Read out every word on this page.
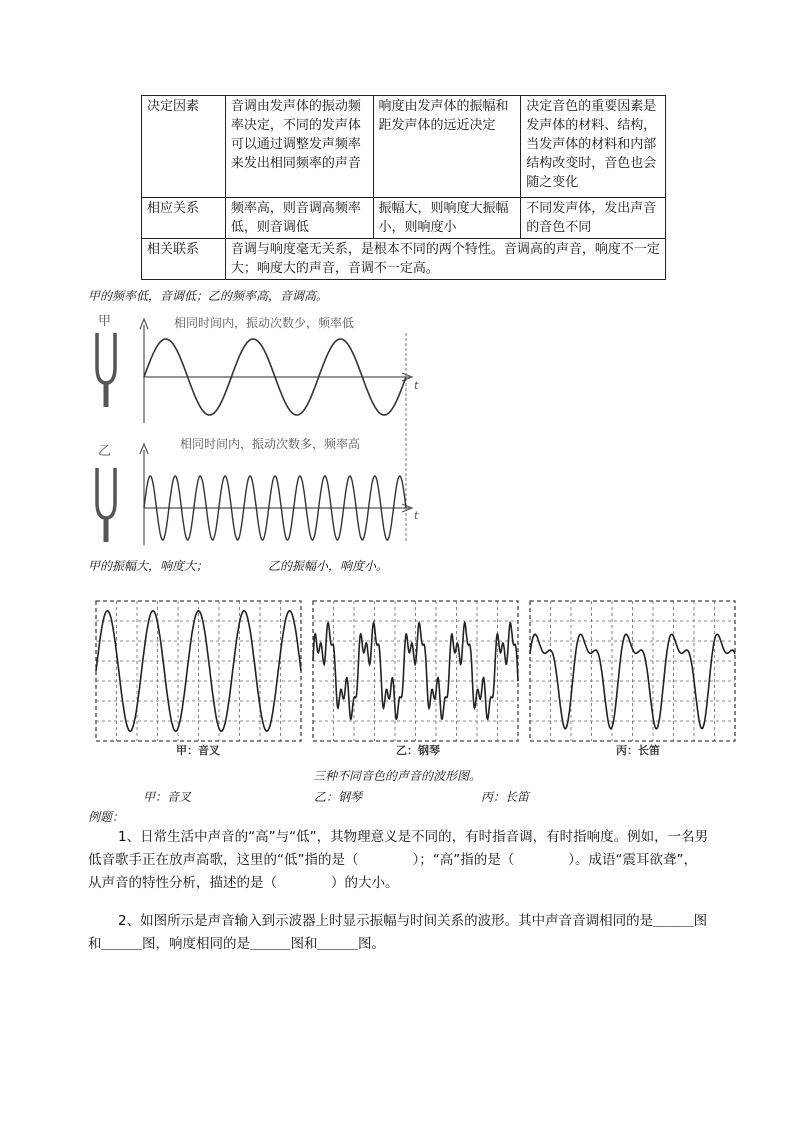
决定因素	音调由发声体的振动频率决定，不同的发声体可以通过调整发声频率来发出相同频率的声音	响度由发声体的振幅和距发声体的远近决定	决定音色的重要因素是发声体的材料、结构，当发声体的材料和内部结构改变时，音色也会随之变化
相应关系	频率高，则音调高频率低，则音调低	振幅大，则响度大振幅小，则响度小	不同发声体，发出声音的音色不同
相关联系	音调与响度毫无关系，是根本不同的两个特性。音调高的声音，响度不一定大；响度大的声音，音调不一定高。		
甲的频率低，音调低；乙的频率高，音调高。
甲
乙
t
t
相同时间内，振动次数少，频率低
相同时间内，振动次数多，频率高
甲的振幅大，响度大；	乙的振幅小，响度小。
甲：音叉	乙：钢琴	丙：长笛
三种不同音色的声音的波形图。
甲：音叉	乙：钢琴	丙：长笛
例题：
1、日常生活中声音的“高”与“低”，其物理意义是不同的，有时指音调，有时指响度。例如，一名男低音歌手正在放声高歌，这里的“低”指的是（　　　　）；“高”指的是（　　　　）。成语“震耳欲聋”，从声音的特性分析，描述的是（　　　　）的大小。
2、如图所示是声音输入到示波器上时显示振幅与时间关系的波形。其中声音音调相同的是＿＿＿图和＿＿＿图，响度相同的是＿＿＿图和＿＿＿图。
